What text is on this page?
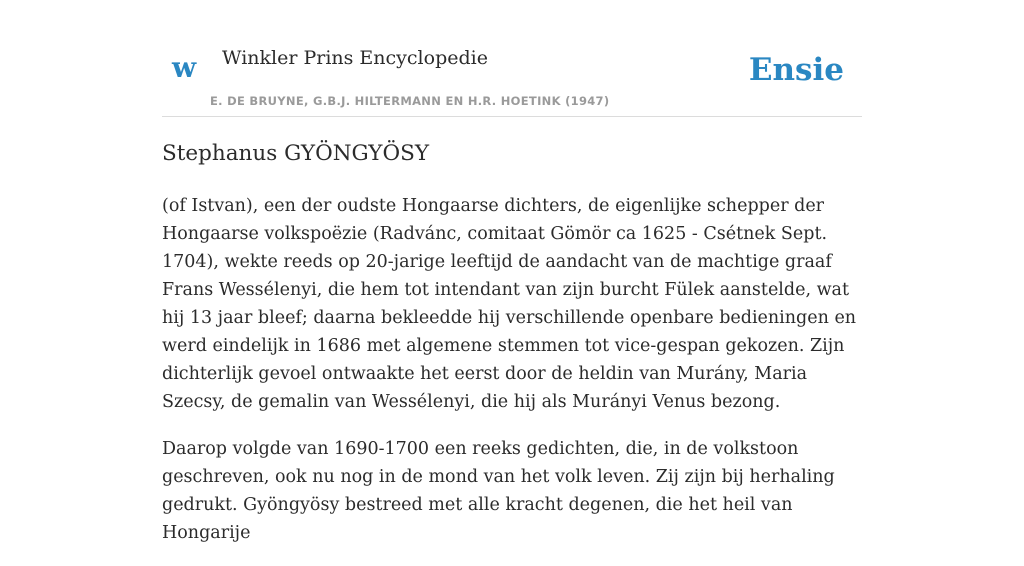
w Winkler Prins Encyclopedie
E. DE BRUYNE, G.B.J. HILTERMANN EN H.R. HOETINK (1947)
Ensie
Stephanus GYÖNGYÖSY

(of Istvan), een der oudste Hongaarse dichters, de eigenlijke schepper der Hongaarse volkspoëzie (Radvánc, comitaat Gömör ca 1625 - Csétnek Sept. 1704), wekte reeds op 20-jarige leeftijd de aandacht van de machtige graaf Frans Wessélenyi, die hem tot intendant van zijn burcht Fülek aanstelde, wat hij 13 jaar bleef; daarna bekleedde hij verschillende openbare bedieningen en werd eindelijk in 1686 met algemene stemmen tot vice-gespan gekozen. Zijn dichterlijk gevoel ontwaakte het eerst door de heldin van Murány, Maria Szecsy, de gemalin van Wessélenyi, die hij als Murányi Venus bezong.

Daarop volgde van 1690-1700 een reeks gedichten, die, in de volkstoon geschreven, ook nu nog in de mond van het volk leven. Zij zijn bij herhaling gedrukt. Gyöngyösy bestreed met alle kracht degenen, die het heil van Hongarije
